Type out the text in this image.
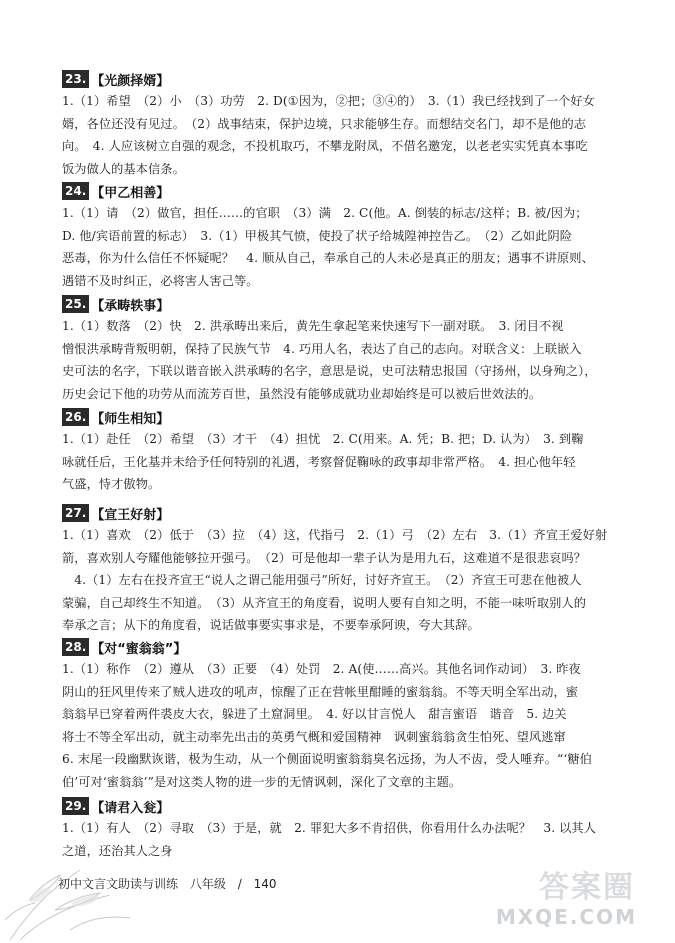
23. 【光颜择婿】

1.（1）希望　（2）小　（3）功劳　2. D(①因为，②把；③④的）　3.（1）我已经找到了一个好女

婿，各位还没有见过。　（2）战事结束，保护边境，只求能够生存。而想结交名门，却不是他的志

向。　4. 人应该树立自强的观念，不投机取巧，不攀龙附凤，不借名邀宠，以老老实实凭真本事吃

饭为做人的基本信条。

24. 【甲乙相善】

1.（1）请　（2）做官，担任……的官职　（3）满　2. C(他。A. 倒装的标志/这样；B. 被/因为；

D. 他/宾语前置的标志）　3.（1）甲极其气愤，使投了状子给城隍神控告乙。　（2）乙如此阴险

恶毒，你为什么信任不怀疑呢？　4. 顺从自己，奉承自己的人未必是真正的朋友；遇事不讲原则、

遇错不及时纠正，必将害人害己等。

25. 【承畴轶事】

1.（1）数落　（2）快　2. 洪承畴出来后，黄先生拿起笔来快速写下一副对联。　3. 闭目不视

憎恨洪承畴背叛明朝，保持了民族气节　4. 巧用人名，表达了自己的志向。对联含义：上联嵌入

史可法的名字，下联以谐音嵌入洪承畴的名字，意思是说，史可法精忠报国（守扬州，以身殉之），

历史会记下他的功劳从而流芳百世，虽然没有能够成就功业却始终是可以被后世效法的。

26. 【师生相知】

1.（1）赴任　（2）希望　（3）才干　（4）担忧　2. C(用来。A. 凭；B. 把；D. 认为）　3. 到鞠

咏就任后，王化基并未给予任何特别的礼遇，考察督促鞠咏的政事却非常严格。　4. 担心他年轻

气盛，恃才傲物。

27. 【宣王好射】

1.（1）喜欢　（2）低于　（3）拉　（4）这，代指弓　2.（1）弓　（2）左右　3.（1）齐宣王爱好射

箭，喜欢别人夸耀他能够拉开强弓。　（2）可是他却一辈子认为是用九石，这难道不是很悲哀吗？

　4.（1）左右在投齐宣王“说人之谓己能用强弓”所好，讨好齐宣王。　（2）齐宣王可悲在他被人

蒙骗，自己却终生不知道。　（3）从齐宣王的角度看，说明人要有自知之明，不能一味听取别人的

奉承之言；从下的角度看，说话做事要实事求是，不要奉承阿谀，夸大其辞。

28. 【对“蜜翁翁”】

1.（1）称作　（2）遵从　（3）正要　（4）处罚　2. A(使……高兴。其他名词作动词）　3. 昨夜

阴山的狂风里传来了贼人进攻的吼声，惊醒了正在营帐里酣睡的蜜翁翁。不等天明全军出动，蜜

翁翁早已穿着两件裘皮大衣，躲进了土窟洞里。　4. 好以甘言悦人　甜言蜜语　谐音　5. 边关

将士不等全军出动，就主动率先出击的英勇气概和爱国精神　讽刺蜜翁翁贪生怕死、望风逃窜

6. 末尾一段幽默诙谐，极为生动，从一个侧面说明蜜翁翁臭名远扬，为人不齿，受人唾弃。“‘糖伯

伯’可对‘蜜翁翁’”是对这类人物的进一步的无情讽刺，深化了文章的主题。

29. 【请君入瓮】

1.（1）有人　（2）寻取　（3）于是，就　2. 罪犯大多不肯招供，你看用什么办法呢？　3. 以其人

之道，还治其人之身

初中文言文助读与训练 八年级 / 140	答案圈
MXQE.COM
